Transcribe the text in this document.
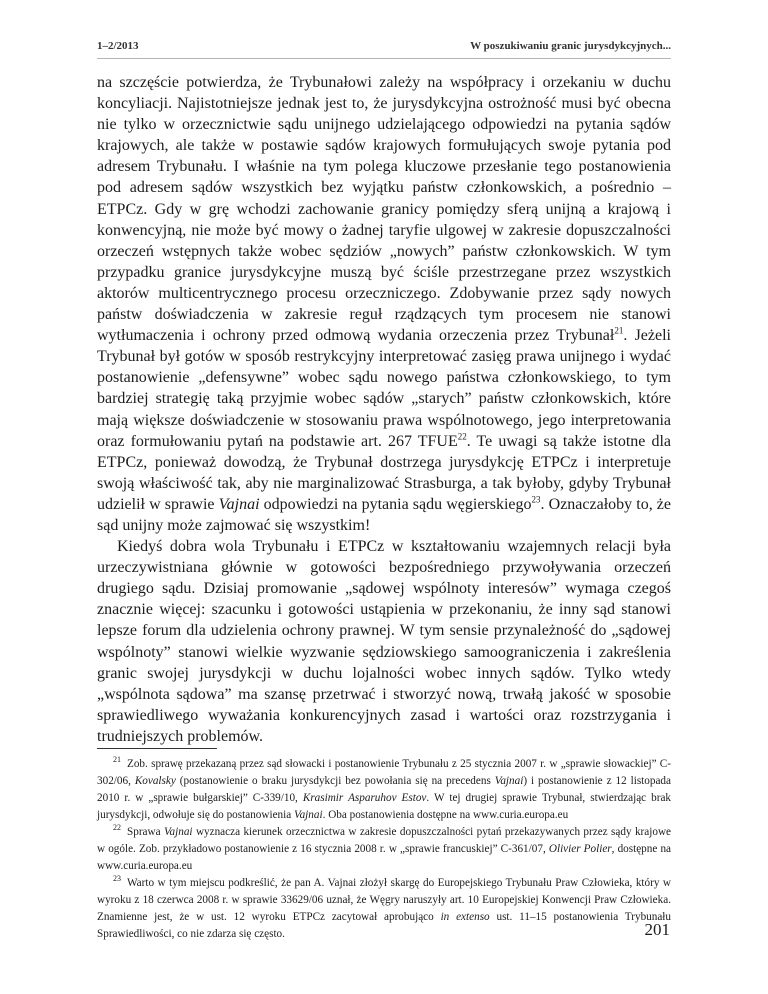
1–2/2013	W poszukiwaniu granic jurysdykcyjnych...

na szczęście potwierdza, że Trybunałowi zależy na współpracy i orzekaniu w duchu koncyliacji. Najistotniejsze jednak jest to, że jurysdykcyjna ostrożność musi być obecna nie tylko w orzecznictwie sądu unijnego udzielającego odpowiedzi na pytania sądów krajowych, ale także w postawie sądów krajowych formułujących swoje pytania pod adresem Trybunału. I właśnie na tym polega kluczowe przesłanie tego postanowienia pod adresem sądów wszystkich bez wyjątku państw członkowskich, a pośrednio – ETPCz. Gdy w grę wchodzi zachowanie granicy pomiędzy sferą unijną a krajową i konwencyjną, nie może być mowy o żadnej taryfie ulgowej w zakresie dopuszczalności orzeczeń wstępnych także wobec sędziów „nowych” państw członkowskich. W tym przypadku granice jurysdykcyjne muszą być ściśle przestrzegane przez wszystkich aktorów multicentrycznego procesu orzeczniczego. Zdobywanie przez sądy nowych państw doświadczenia w zakresie reguł rządzących tym procesem nie stanowi wytłumaczenia i ochrony przed odmową wydania orzeczenia przez Trybunał$^{21}$. Jeżeli Trybunał był gotów w sposób restrykcyjny interpretować zasięg prawa unijnego i wydać postanowienie „defensywne” wobec sądu nowego państwa członkowskiego, to tym bardziej strategię taką przyjmie wobec sądów „starych” państw członkowskich, które mają większe doświadczenie w stosowaniu prawa wspólnotowego, jego interpretowania oraz formułowaniu pytań na podstawie art. 267 TFUE$^{22}$. Te uwagi są także istotne dla ETPCz, ponieważ dowodzą, że Trybunał dostrzega jurysdykcję ETPCz i interpretuje swoją właściwość tak, aby nie marginalizować Strasburga, a tak byłoby, gdyby Trybunał udzielił w sprawie Vajnai odpowiedzi na pytania sądu węgierskiego$^{23}$. Oznaczałoby to, że sąd unijny może zajmować się wszystkim!

Kiedyś dobra wola Trybunału i ETPCz w kształtowaniu wzajemnych relacji była urzeczywistniana głównie w gotowości bezpośredniego przywoływania orzeczeń drugiego sądu. Dzisiaj promowanie „sądowej wspólnoty interesów” wymaga czegoś znacznie więcej: szacunku i gotowości ustąpienia w przekonaniu, że inny sąd stanowi lepsze forum dla udzielenia ochrony prawnej. W tym sensie przynależność do „sądowej wspólnoty” stanowi wielkie wyzwanie sędziowskiego samoograniczenia i zakreślenia granic swojej jurysdykcji w duchu lojalności wobec innych sądów. Tylko wtedy „wspólnota sądowa” ma szansę przetrwać i stworzyć nową, trwałą jakość w sposobie sprawiedliwego wyważania konkurencyjnych zasad i wartości oraz rozstrzygania i trudniejszych problemów.

$^{21}$ Zob. sprawę przekazaną przez sąd słowacki i postanowienie Trybunału z 25 stycznia 2007 r. w „sprawie słowackiej” C-302/06, Kovalsky (postanowienie o braku jurysdykcji bez powołania się na precedens Vajnai) i postanowienie z 12 listopada 2010 r. w „sprawie bułgarskiej” C-339/10, Krasimir Asparuhov Estov. W tej drugiej sprawie Trybunał, stwierdzając brak jurysdykcji, odwołuje się do postanowienia Vajnai. Oba postanowienia dostępne na www.curia.europa.eu

$^{22}$ Sprawa Vajnai wyznacza kierunek orzecznictwa w zakresie dopuszczalności pytań przekazywanych przez sądy krajowe w ogóle. Zob. przykładowo postanowienie z 16 stycznia 2008 r. w „sprawie francuskiej” C-361/07, Olivier Polier, dostępne na www.curia.europa.eu

$^{23}$ Warto w tym miejscu podkreślić, że pan A. Vajnai złożył skargę do Europejskiego Trybunału Praw Człowieka, który w wyroku z 18 czerwca 2008 r. w sprawie 33629/06 uznał, że Węgry naruszyły art. 10 Europejskiej Konwencji Praw Człowieka. Znamienne jest, że w ust. 12 wyroku ETPCz zacytował aprobująco in extenso ust. 11–15 postanowienia Trybunału Sprawiedliwości, co nie zdarza się często.	201
